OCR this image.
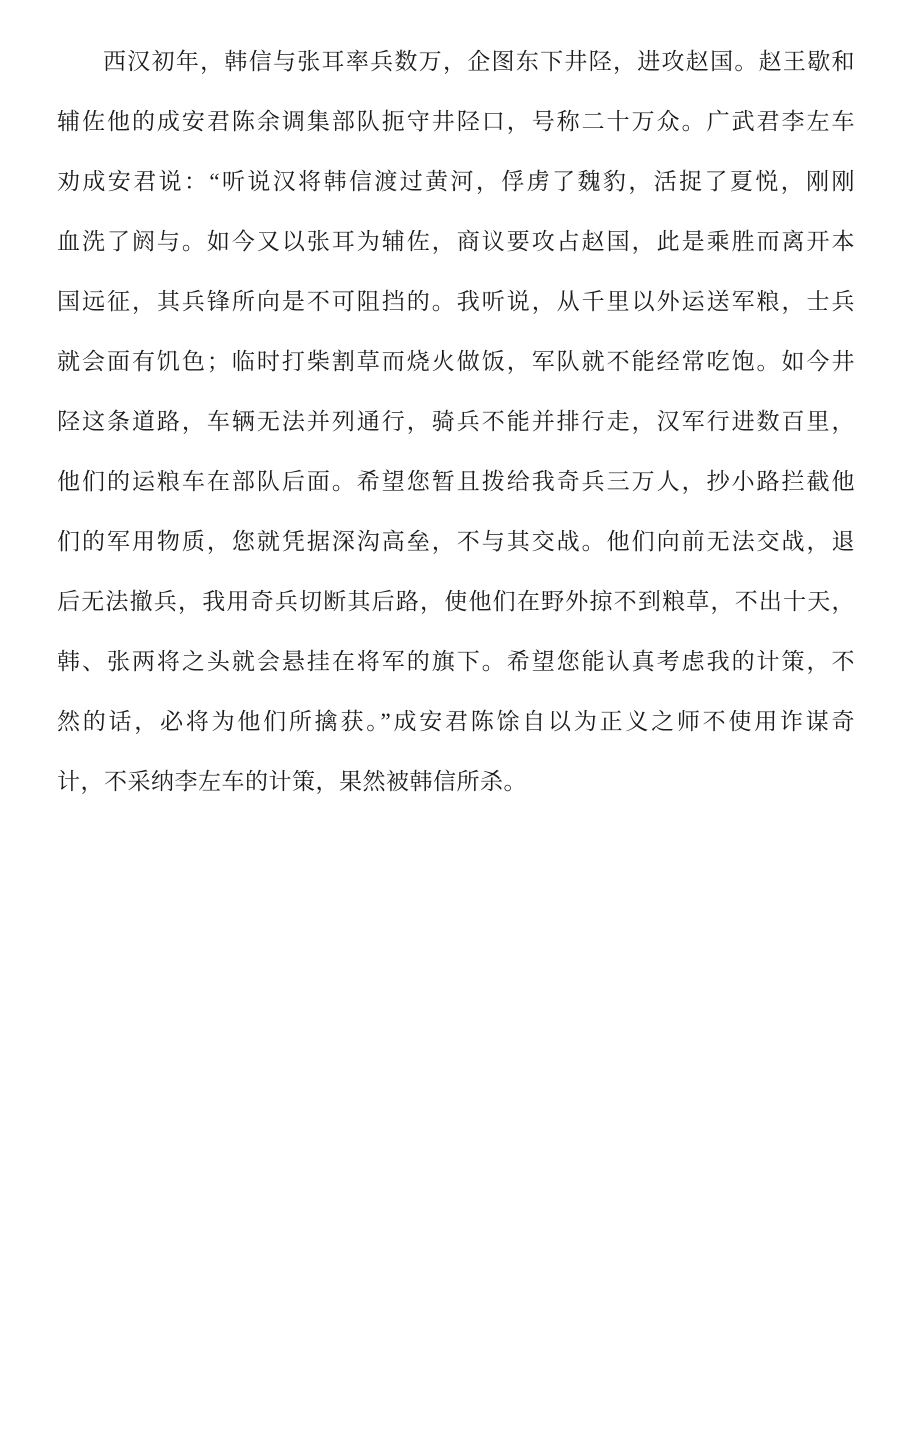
西汉初年，韩信与张耳率兵数万，企图东下井陉，进攻赵国。赵王歇和
辅佐他的成安君陈余调集部队扼守井陉口，号称二十万众。广武君李左车
劝成安君说：“听说汉将韩信渡过黄河，俘虏了魏豹，活捉了夏悦，刚刚
血洗了阏与。如今又以张耳为辅佐，商议要攻占赵国，此是乘胜而离开本
国远征，其兵锋所向是不可阻挡的。我听说，从千里以外运送军粮，士兵
就会面有饥色；临时打柴割草而烧火做饭，军队就不能经常吃饱。如今井
陉这条道路，车辆无法并列通行，骑兵不能并排行走，汉军行进数百里，
他们的运粮车在部队后面。希望您暂且拨给我奇兵三万人，抄小路拦截他
们的军用物质，您就凭据深沟高垒，不与其交战。他们向前无法交战，退
后无法撤兵，我用奇兵切断其后路，使他们在野外掠不到粮草，不出十天，
韩、张两将之头就会悬挂在将军的旗下。希望您能认真考虑我的计策，不
然的话，必将为他们所擒获。”成安君陈馀自以为正义之师不使用诈谋奇
计，不采纳李左车的计策，果然被韩信所杀。
